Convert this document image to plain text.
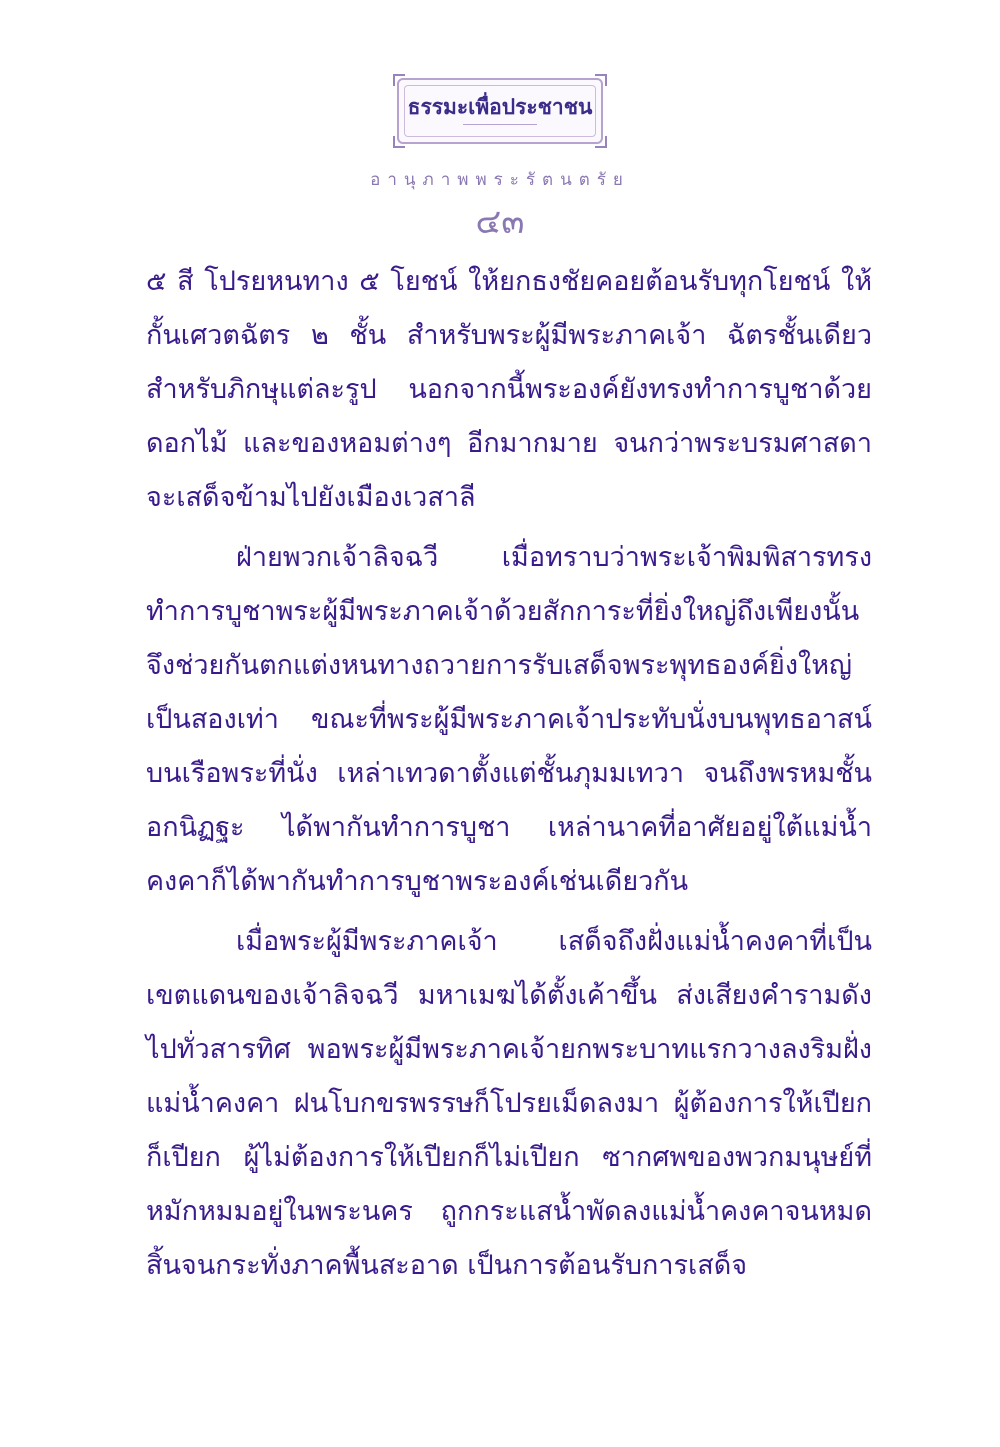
ธรรมะเพื่อประชาชน
อานุภาพพระรัตนตรัย
๔๓

๕ สี โปรยหนทาง ๕ โยชน์ ให้ยกธงชัยคอยต้อนรับทุกโยชน์ ให้กั้นเศวตฉัตร ๒ ชั้น สำหรับพระผู้มีพระภาคเจ้า ฉัตรชั้นเดียวสำหรับภิกษุแต่ละรูป นอกจากนี้พระองค์ยังทรงทำการบูชาด้วยดอกไม้ และของหอมต่างๆ อีกมากมาย จนกว่าพระบรมศาสดาจะเสด็จข้ามไปยังเมืองเวสาลี

ฝ่ายพวกเจ้าลิจฉวี เมื่อทราบว่าพระเจ้าพิมพิสารทรงทำการบูชาพระผู้มีพระภาคเจ้าด้วยสักการะที่ยิ่งใหญ่ถึงเพียงนั้น จึงช่วยกันตกแต่งหนทางถวายการรับเสด็จพระพุทธองค์ยิ่งใหญ่เป็นสองเท่า ขณะที่พระผู้มีพระภาคเจ้าประทับนั่งบนพุทธอาสน์บนเรือพระที่นั่ง เหล่าเทวดาตั้งแต่ชั้นภุมมเทวา จนถึงพรหมชั้นอกนิฏฐะ ได้พากันทำการบูชา เหล่านาคที่อาศัยอยู่ใต้แม่น้ำคงคาก็ได้พากันทำการบูชาพระองค์เช่นเดียวกัน

เมื่อพระผู้มีพระภาคเจ้า เสด็จถึงฝั่งแม่น้ำคงคาที่เป็นเขตแดนของเจ้าลิจฉวี มหาเมฆได้ตั้งเค้าขึ้น ส่งเสียงคำรามดังไปทั่วสารทิศ พอพระผู้มีพระภาคเจ้ายกพระบาทแรกวางลงริมฝั่งแม่น้ำคงคา ฝนโบกขรพรรษก็โปรยเม็ดลงมา ผู้ต้องการให้เปียกก็เปียก ผู้ไม่ต้องการให้เปียกก็ไม่เปียก ซากศพของพวกมนุษย์ที่หมักหมมอยู่ในพระนคร ถูกกระแสน้ำพัดลงแม่น้ำคงคาจนหมดสิ้นจนกระทั่งภาคพื้นสะอาด เป็นการต้อนรับการเสด็จ
